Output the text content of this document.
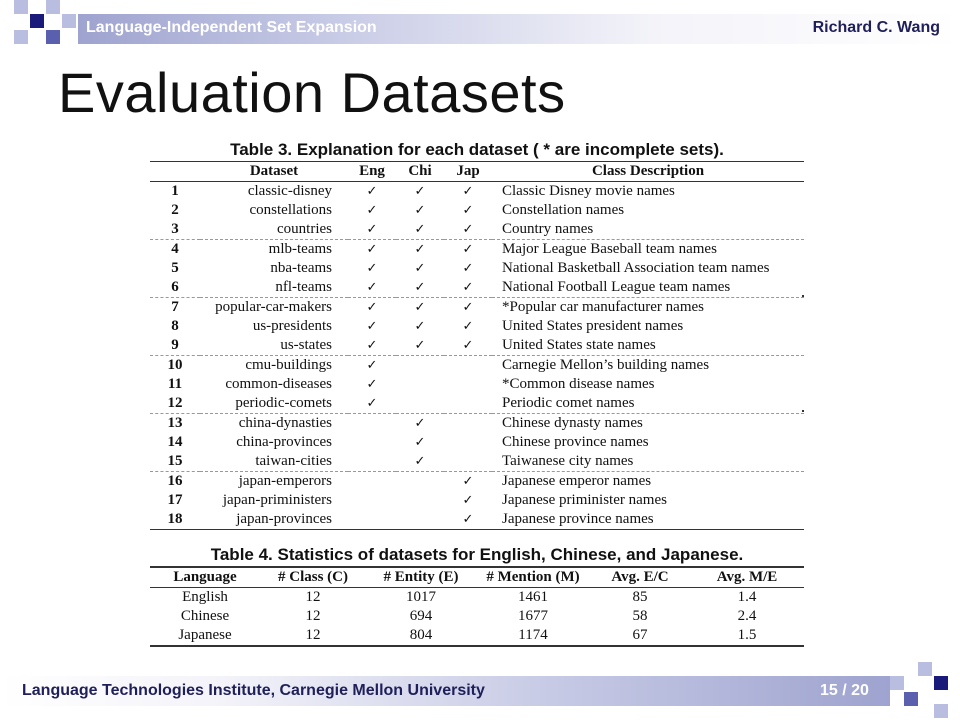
Language-Independent Set Expansion	Richard C. Wang
Evaluation Datasets
Table 3. Explanation for each dataset ( * are incomplete sets).
	Dataset	Eng	Chi	Jap	Class Description
1	classic-disney	✓	✓	✓	Classic Disney movie names
2	constellations	✓	✓	✓	Constellation names
3	countries	✓	✓	✓	Country names
4	mlb-teams	✓	✓	✓	Major League Baseball team names
5	nba-teams	✓	✓	✓	National Basketball Association team names
6	nfl-teams	✓	✓	✓	National Football League team names
7	popular-car-makers	✓	✓	✓	*Popular car manufacturer names
8	us-presidents	✓	✓	✓	United States president names
9	us-states	✓	✓	✓	United States state names
10	cmu-buildings	✓			Carnegie Mellon’s building names
11	common-diseases	✓			*Common disease names
12	periodic-comets	✓			Periodic comet names
13	china-dynasties		✓		Chinese dynasty names
14	china-provinces		✓		Chinese province names
15	taiwan-cities		✓		Taiwanese city names
16	japan-emperors			✓	Japanese emperor names
17	japan-priministers			✓	Japanese priminister names
18	japan-provinces			✓	Japanese province names
Table 4. Statistics of datasets for English, Chinese, and Japanese.
Language	# Class (C)	# Entity (E)	# Mention (M)	Avg. E/C	Avg. M/E
English	12	1017	1461	85	1.4
Chinese	12	694	1677	58	2.4
Japanese	12	804	1174	67	1.5
Language Technologies Institute, Carnegie Mellon University	15 / 20
